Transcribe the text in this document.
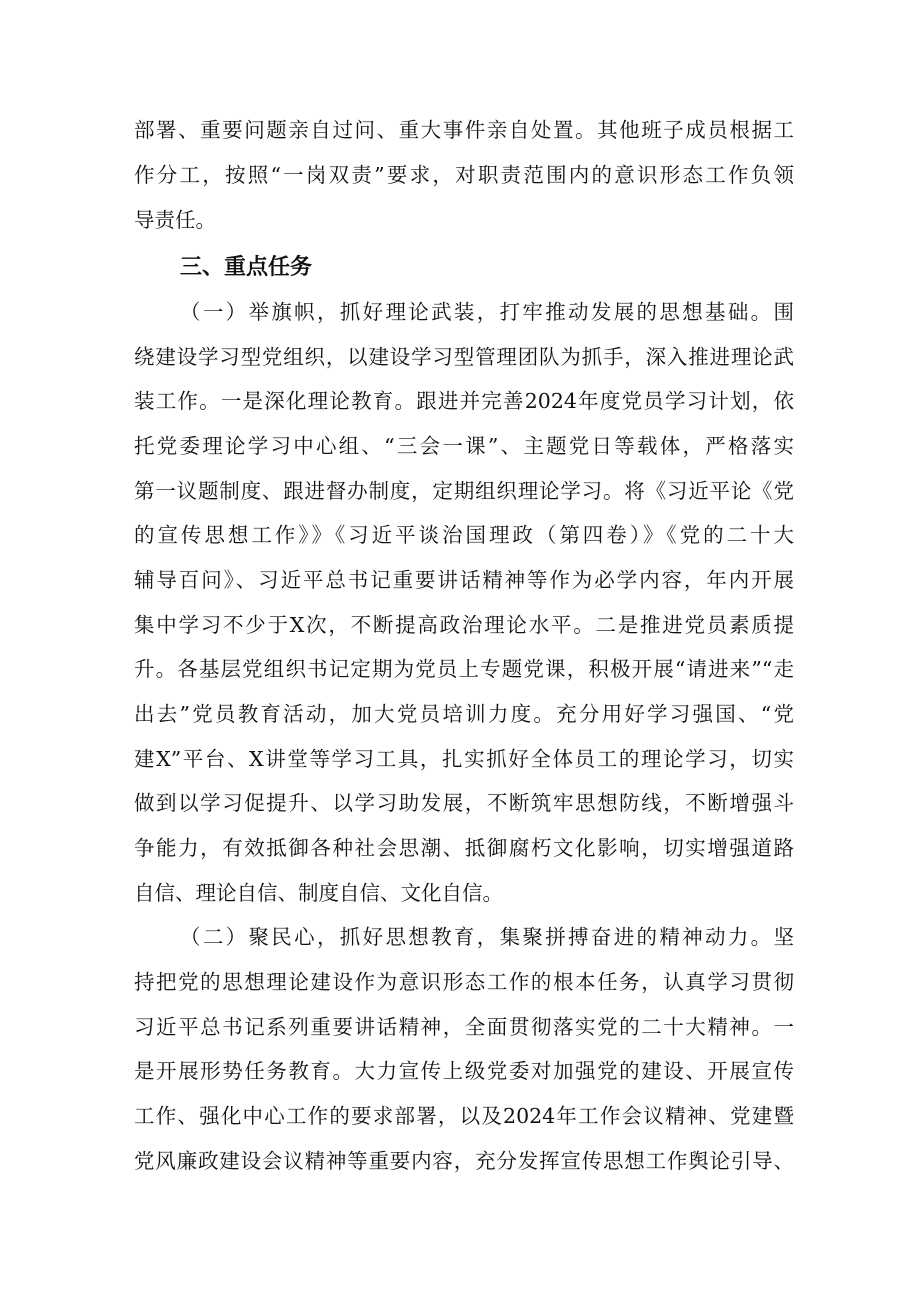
部署、重要问题亲自过问、重大事件亲自处置。其他班子成员根据工
作分工，按照“一岗双责”要求，对职责范围内的意识形态工作负领
导责任。
三、重点任务
（一）举旗帜，抓好理论武装，打牢推动发展的思想基础。围
绕建设学习型党组织，以建设学习型管理团队为抓手，深入推进理论武
装工作。一是深化理论教育。跟进并完善2024年度党员学习计划，依
托党委理论学习中心组、“三会一课”、主题党日等载体，严格落实
第一议题制度、跟进督办制度，定期组织理论学习。将《习近平论《党
的宣传思想工作》》《习近平谈治国理政（第四卷）》《党的二十大
辅导百问》、习近平总书记重要讲话精神等作为必学内容，年内开展
集中学习不少于X次，不断提高政治理论水平。二是推进党员素质提
升。各基层党组织书记定期为党员上专题党课，积极开展“请进来”“走
出去”党员教育活动，加大党员培训力度。充分用好学习强国、“党
建X”平台、X讲堂等学习工具，扎实抓好全体员工的理论学习，切实
做到以学习促提升、以学习助发展，不断筑牢思想防线，不断增强斗
争能力，有效抵御各种社会思潮、抵御腐朽文化影响，切实增强道路
自信、理论自信、制度自信、文化自信。
（二）聚民心，抓好思想教育，集聚拼搏奋进的精神动力。坚
持把党的思想理论建设作为意识形态工作的根本任务，认真学习贯彻
习近平总书记系列重要讲话精神，全面贯彻落实党的二十大精神。一
是开展形势任务教育。大力宣传上级党委对加强党的建设、开展宣传
工作、强化中心工作的要求部署，以及2024年工作会议精神、党建暨
党风廉政建设会议精神等重要内容，充分发挥宣传思想工作舆论引导、
